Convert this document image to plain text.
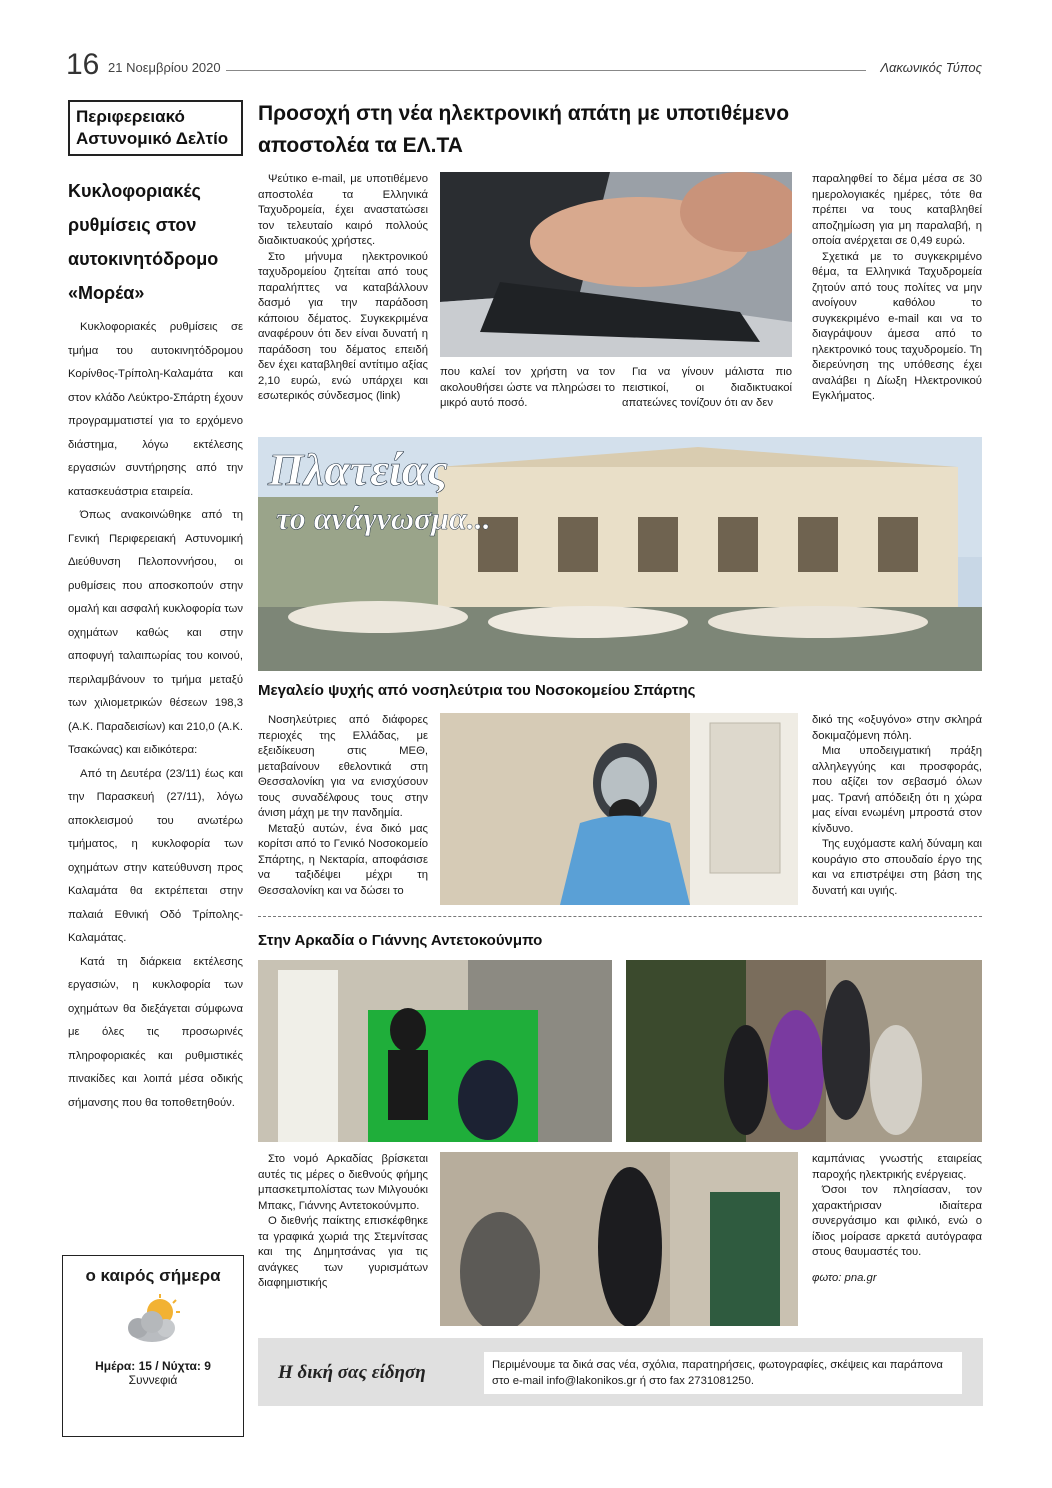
16 21 Νοεμβρίου 2020	Λακωνικός Τύπος
Περιφερειακό Αστυνομικό Δελτίο
Κυκλοφοριακές ρυθμίσεις στον αυτοκινητόδρομο «Μορέα»

Κυκλοφοριακές ρυθμίσεις σε τμήμα του αυτοκινητόδρομου Κορίνθος-Τρίπολη-Καλαμάτα και στον κλάδο Λεύκτρο-Σπάρτη έχουν προγραμματιστεί για το ερχόμενο διάστημα, λόγω εκτέλεσης εργασιών συντήρησης από την κατασκευάστρια εταιρεία.

Όπως ανακοινώθηκε από τη Γενική Περιφερειακή Αστυνομική Διεύθυνση Πελοποννήσου, οι ρυθμίσεις που αποσκοπούν στην ομαλή και ασφαλή κυκλοφορία των οχημάτων καθώς και στην αποφυγή ταλαιπωρίας του κοινού, περιλαμβάνουν το τμήμα μεταξύ των χιλιομετρικών θέσεων 198,3 (Α.Κ. Παραδεισίων) και 210,0 (Α.Κ. Τσακώνας) και ειδικότερα:

Από τη Δευτέρα (23/11) έως και την Παρασκευή (27/11), λόγω αποκλεισμού του ανωτέρω τμήματος, η κυκλοφορία των οχημάτων στην κατεύθυνση προς Καλαμάτα θα εκτρέπεται στην παλαιά Εθνική Οδό Τρίπολης-Καλαμάτας.

Κατά τη διάρκεια εκτέλεσης εργασιών, η κυκλοφορία των οχημάτων θα διεξάγεται σύμφωνα με όλες τις προσωρινές πληροφοριακές και ρυθμιστικές πινακίδες και λοιπά μέσα οδικής σήμανσης που θα τοποθετηθούν.

ο καιρός σήμερα
Ημέρα: 15 / Νύχτα: 9
Συννεφιά
Προσοχή στη νέα ηλεκτρονική απάτη με υποτιθέμενο αποστολέα τα ΕΛ.ΤΑ

Ψεύτικο e-mail, με υποτιθέμενο αποστολέα τα Ελληνικά Ταχυδρομεία, έχει αναστατώσει τον τελευταίο καιρό πολλούς διαδικτυακούς χρήστες.

Στο μήνυμα ηλεκτρονικού ταχυδρομείου ζητείται από τους παραλήπτες να καταβάλλουν δασμό για την παράδοση κάποιου δέματος. Συγκεκριμένα αναφέρουν ότι δεν είναι δυνατή η παράδοση του δέματος επειδή δεν έχει καταβληθεί αντίτιμο αξίας 2,10 ευρώ, ενώ υπάρχει και εσωτερικός σύνδεσμος (link)

που καλεί τον χρήστη να τον ακολουθήσει ώστε να πληρώσει το μικρό αυτό ποσό.

Για να γίνουν μάλιστα πιο πειστικοί, οι διαδικτυακοί απατεώνες τονίζουν ότι αν δεν

παραληφθεί το δέμα μέσα σε 30 ημερολογιακές ημέρες, τότε θα πρέπει να τους καταβληθεί αποζημίωση για μη παραλαβή, η οποία ανέρχεται σε 0,49 ευρώ.

Σχετικά με το συγκεκριμένο θέμα, τα Ελληνικά Ταχυδρομεία ζητούν από τους πολίτες να μην ανοίγουν καθόλου το συγκεκριμένο e-mail και να το διαγράψουν άμεσα από το ηλεκτρονικό τους ταχυδρομείο. Τη διερεύνηση της υπόθεσης έχει αναλάβει η Δίωξη Ηλεκτρονικού Εγκλήματος.

Πλατείας
το ανάγνωσμα...
Μεγαλείο ψυχής από νοσηλεύτρια του Νοσοκομείου Σπάρτης

Νοσηλεύτριες από διάφορες περιοχές της Ελλάδας, με εξειδίκευση στις ΜΕΘ, μεταβαίνουν εθελοντικά στη Θεσσαλονίκη για να ενισχύσουν τους συναδέλφους τους στην άνιση μάχη με την πανδημία.

Μεταξύ αυτών, ένα δικό μας κορίτσι από το Γενικό Νοσοκομείο Σπάρτης, η Νεκταρία, αποφάσισε να ταξιδέψει μέχρι τη Θεσσαλονίκη και να δώσει το

δικό της «οξυγόνο» στην σκληρά δοκιμαζόμενη πόλη.

Μια υποδειγματική πράξη αλληλεγγύης και προσφοράς, που αξίζει τον σεβασμό όλων μας. Τρανή απόδειξη ότι η χώρα μας είναι ενωμένη μπροστά στον κίνδυνο.

Της ευχόμαστε καλή δύναμη και κουράγιο στο σπουδαίο έργο της και να επιστρέψει στη βάση της δυνατή και υγιής.

Στην Αρκαδία ο Γιάννης Αντετοκούνμπο

Στο νομό Αρκαδίας βρίσκεται αυτές τις μέρες ο διεθνούς φήμης μπασκετμπολίστας των Μιλγουόκι Μπακς, Γιάννης Αντετοκούνμπο.

Ο διεθνής παίκτης επισκέφθηκε τα γραφικά χωριά της Στεμνίτσας και της Δημητσάνας για τις ανάγκες των γυρισμάτων διαφημιστικής

καμπάνιας γνωστής εταιρείας παροχής ηλεκτρικής ενέργειας.

Όσοι τον πλησίασαν, τον χαρακτήρισαν ιδιαίτερα συνεργάσιμο και φιλικό, ενώ ο ίδιος μοίρασε αρκετά αυτόγραφα στους θαυμαστές του.

φωτο: pna.gr

Η δική σας είδηση	Περιμένουμε τα δικά σας νέα, σχόλια, παρατηρήσεις, φωτογραφίες, σκέψεις και παράπονα στο e-mail info@lakonikos.gr ή στο fax 2731081250.
